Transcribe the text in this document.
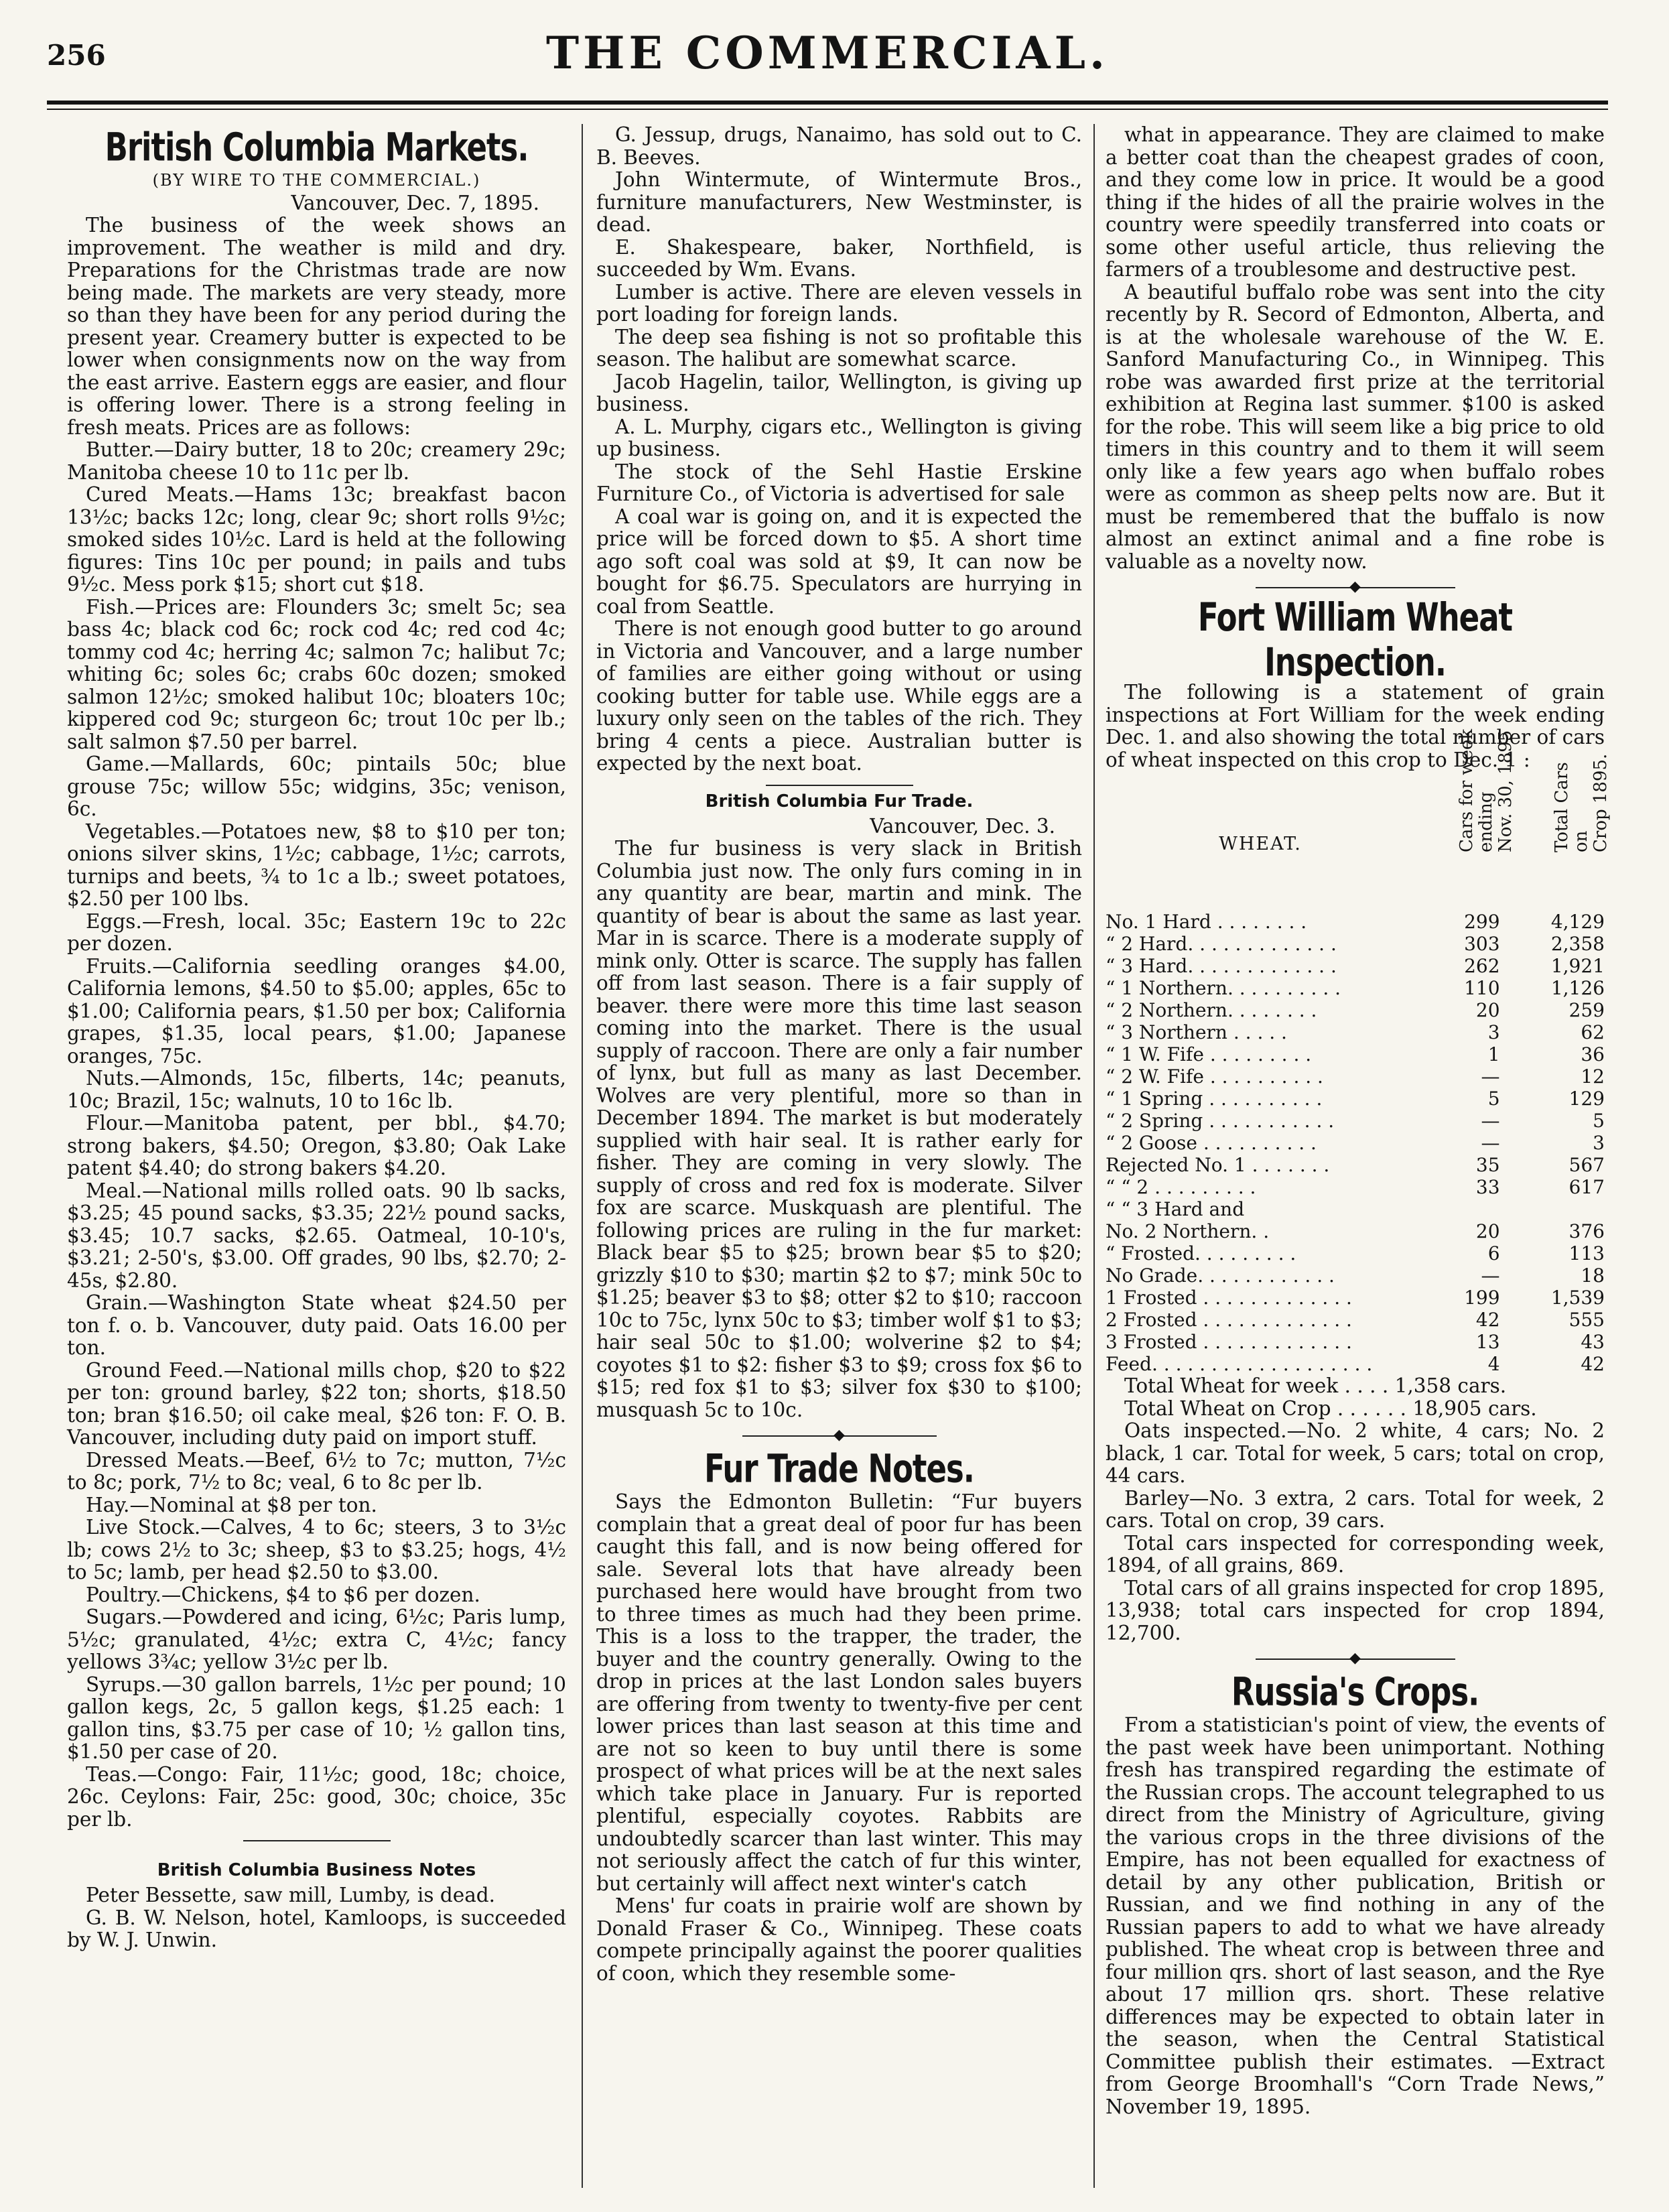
256	THE COMMERCIAL.
British Columbia Markets.
(BY WIRE TO THE COMMERCIAL.)
Vancouver, Dec. 7, 1895.

The business of the week shows an improvement. The weather is mild and dry. Preparations for the Christmas trade are now being made. The markets are very steady, more so than they have been for any period during the present year. Creamery butter is expected to be lower when consignments now on the way from the east arrive. Eastern eggs are easier, and flour is offering lower. There is a strong feeling in fresh meats. Prices are as follows:

Butter.—Dairy butter, 18 to 20c; creamery 29c; Manitoba cheese 10 to 11c per lb.

Cured Meats.—Hams 13c; breakfast bacon 13½c; backs 12c; long, clear 9c; short rolls 9½c; smoked sides 10½c. Lard is held at the following figures: Tins 10c per pound; in pails and tubs 9½c. Mess pork $15; short cut $18.

Fish.—Prices are: Flounders 3c; smelt 5c; sea bass 4c; black cod 6c; rock cod 4c; red cod 4c; tommy cod 4c; herring 4c; salmon 7c; halibut 7c; whiting 6c; soles 6c; crabs 60c dozen; smoked salmon 12½c; smoked halibut 10c; bloaters 10c; kippered cod 9c; sturgeon 6c; trout 10c per lb.; salt salmon $7.50 per barrel.

Game.—Mallards, 60c; pintails 50c; blue grouse 75c; willow 55c; widgins, 35c; venison, 6c.

Vegetables.—Potatoes new, $8 to $10 per ton; onions silver skins, 1½c; cabbage, 1½c; carrots, turnips and beets, ¾ to 1c a lb.; sweet potatoes, $2.50 per 100 lbs.

Eggs.—Fresh, local. 35c; Eastern 19c to 22c per dozen.

Fruits.—California seedling oranges $4.00, California lemons, $4.50 to $5.00; apples, 65c to $1.00; California pears, $1.50 per box; California grapes, $1.35, local pears, $1.00; Japanese oranges, 75c.

Nuts.—Almonds, 15c, filberts, 14c; peanuts, 10c; Brazil, 15c; walnuts, 10 to 16c lb.

Flour.—Manitoba patent, per bbl., $4.70; strong bakers, $4.50; Oregon, $3.80; Oak Lake patent $4.40; do strong bakers $4.20.

Meal.—National mills rolled oats. 90 lb sacks, $3.25; 45 pound sacks, $3.35; 22½ pound sacks, $3.45; 10.7 sacks, $2.65. Oatmeal, 10-10's, $3.21; 2-50's, $3.00. Off grades, 90 lbs, $2.70; 2-45s, $2.80.

Grain.—Washington State wheat $24.50 per ton f. o. b. Vancouver, duty paid. Oats 16.00 per ton.

Ground Feed.—National mills chop, $20 to $22 per ton: ground barley, $22 ton; shorts, $18.50 ton; bran $16.50; oil cake meal, $26 ton: F. O. B. Vancouver, including duty paid on import stuff.

Dressed Meats.—Beef, 6½ to 7c; mutton, 7½c to 8c; pork, 7½ to 8c; veal, 6 to 8c per lb.

Hay.—Nominal at $8 per ton.

Live Stock.—Calves, 4 to 6c; steers, 3 to 3½c lb; cows 2½ to 3c; sheep, $3 to $3.25; hogs, 4½ to 5c; lamb, per head $2.50 to $3.00.

Poultry.—Chickens, $4 to $6 per dozen.

Sugars.—Powdered and icing, 6½c; Paris lump, 5½c; granulated, 4½c; extra C, 4½c; fancy yellows 3¾c; yellow 3½c per lb.

Syrups.—30 gallon barrels, 1½c per pound; 10 gallon kegs, 2c, 5 gallon kegs, $1.25 each: 1 gallon tins, $3.75 per case of 10; ½ gallon tins, $1.50 per case of 20.

Teas.—Congo: Fair, 11½c; good, 18c; choice, 26c. Ceylons: Fair, 25c: good, 30c; choice, 35c per lb.

British Columbia Business Notes

Peter Bessette, saw mill, Lumby, is dead.

G. B. W. Nelson, hotel, Kamloops, is succeeded by W. J. Unwin.

G. Jessup, drugs, Nanaimo, has sold out to C. B. Beeves.

John Wintermute, of Wintermute Bros., furniture manufacturers, New Westminster, is dead.

E. Shakespeare, baker, Northfield, is succeeded by Wm. Evans.

Lumber is active. There are eleven vessels in port loading for foreign lands.

The deep sea fishing is not so profitable this season. The halibut are somewhat scarce.

Jacob Hagelin, tailor, Wellington, is giving up business.

A. L. Murphy, cigars etc., Wellington is giving up business.

The stock of the Sehl Hastie Erskine Furniture Co., of Victoria is advertised for sale

A coal war is going on, and it is expected the price will be forced down to $5. A short time ago soft coal was sold at $9, It can now be bought for $6.75. Speculators are hurrying in coal from Seattle.

There is not enough good butter to go around in Victoria and Vancouver, and a large number of families are either going without or using cooking butter for table use. While eggs are a luxury only seen on the tables of the rich. They bring 4 cents a piece. Australian butter is expected by the next boat.

British Columbia Fur Trade.
Vancouver, Dec. 3.

The fur business is very slack in British Columbia just now. The only furs coming in in any quantity are bear, martin and mink. The quantity of bear is about the same as last year. Mar in is scarce. There is a moderate supply of mink only. Otter is scarce. The supply has fallen off from last season. There is a fair supply of beaver. there were more this time last season coming into the market. There is the usual supply of raccoon. There are only a fair number of lynx, but full as many as last December. Wolves are very plentiful, more so than in December 1894. The market is but moderately supplied with hair seal. It is rather early for fisher. They are coming in very slowly. The supply of cross and red fox is moderate. Silver fox are scarce. Muskquash are plentiful. The following prices are ruling in the fur market: Black bear $5 to $25; brown bear $5 to $20; grizzly $10 to $30; martin $2 to $7; mink 50c to $1.25; beaver $3 to $8; otter $2 to $10; raccoon 10c to 75c, lynx 50c to $3; timber wolf $1 to $3; hair seal 50c to $1.00; wolverine $2 to $4; coyotes $1 to $2: fisher $3 to $9; cross fox $6 to $15; red fox $1 to $3; silver fox $30 to $100; musquash 5c to 10c.

◆
Fur Trade Notes.

Says the Edmonton Bulletin: “Fur buyers complain that a great deal of poor fur has been caught this fall, and is now being offered for sale. Several lots that have already been purchased here would have brought from two to three times as much had they been prime. This is a loss to the trapper, the trader, the buyer and the country generally. Owing to the drop in prices at the last London sales buyers are offering from twenty to twenty-five per cent lower prices than last season at this time and are not so keen to buy until there is some prospect of what prices will be at the next sales which take place in January. Fur is reported plentiful, especially coyotes. Rabbits are undoubtedly scarcer than last winter. This may not seriously affect the catch of fur this winter, but certainly will affect next winter's catch

Mens' fur coats in prairie wolf are shown by Donald Fraser & Co., Winnipeg. These coats compete principally against the poorer qualities of coon, which they resemble some-

what in appearance. They are claimed to make a better coat than the cheapest grades of coon, and they come low in price. It would be a good thing if the hides of all the prairie wolves in the country were speedily transferred into coats or some other useful article, thus relieving the farmers of a troublesome and destructive pest.

A beautiful buffalo robe was sent into the city recently by R. Secord of Edmonton, Alberta, and is at the wholesale warehouse of the W. E. Sanford Manufacturing Co., in Winnipeg. This robe was awarded first prize at the territorial exhibition at Regina last summer. $100 is asked for the robe. This will seem like a big price to old timers in this country and to them it will seem only like a few years ago when buffalo robes were as common as sheep pelts now are. But it must be remembered that the buffalo is now almost an extinct animal and a fine robe is valuable as a novelty now.

◆
Fort William Wheat Inspection.

The following is a statement of grain inspections at Fort William for the week ending Dec. 1. and also showing the total number of cars of wheat inspected on this crop to Dec. 1 :

WHEAT.	Cars for week
ending
Nov. 30, 1895	Total Cars
on
Crop 1895.

No. 1 Hard . . . . . . . .	299	4,129
“ 2 Hard. . . . . . . . . . . . .	303	2,358
“ 3 Hard. . . . . . . . . . . . .	262	1,921
“ 1 Northern. . . . . . . . . .	110	1,126
“ 2 Northern. . . . . . . .	20	259
“ 3 Northern . . . . .	3	62
“ 1 W. Fife . . . . . . . . .	1	36
“ 2 W. Fife . . . . . . . . . .	—	12
“ 1 Spring . . . . . . . . . .	5	129
“ 2 Spring . . . . . . . . . . .	—	5
“ 2 Goose . . . . . . . . . .	—	3
Rejected No. 1 . . . . . . .	35	567
“ “ 2 . . . . . . . . .	33	617
“ “ 3 Hard and		
No. 2 Northern. .	20	376
“ Frosted. . . . . . . . .	6	113
No Grade. . . . . . . . . . . .	—	18
1 Frosted . . . . . . . . . . . . .	199	1,539
2 Frosted . . . . . . . . . . . . .	42	555
3 Frosted . . . . . . . . . . . . .	13	43
Feed. . . . . . . . . . . . . . . . . . .	4	42

Total Wheat for week . . . . 1,358 cars.

Total Wheat on Crop . . . . . . 18,905 cars.

Oats inspected.—No. 2 white, 4 cars; No. 2 black, 1 car. Total for week, 5 cars; total on crop, 44 cars.

Barley—No. 3 extra, 2 cars. Total for week, 2 cars. Total on crop, 39 cars.

Total cars inspected for corresponding week, 1894, of all grains, 869.

Total cars of all grains inspected for crop 1895, 13,938; total cars inspected for crop 1894, 12,700.

◆
Russia's Crops.

From a statistician's point of view, the events of the past week have been unimportant. Nothing fresh has transpired regarding the estimate of the Russian crops. The account telegraphed to us direct from the Ministry of Agriculture, giving the various crops in the three divisions of the Empire, has not been equalled for exactness of detail by any other publication, British or Russian, and we find nothing in any of the Russian papers to add to what we have already published. The wheat crop is between three and four million qrs. short of last season, and the Rye about 17 million qrs. short. These relative differences may be expected to obtain later in the season, when the Central Statistical Committee publish their estimates. —Extract from George Broomhall's “Corn Trade News,” November 19, 1895.
